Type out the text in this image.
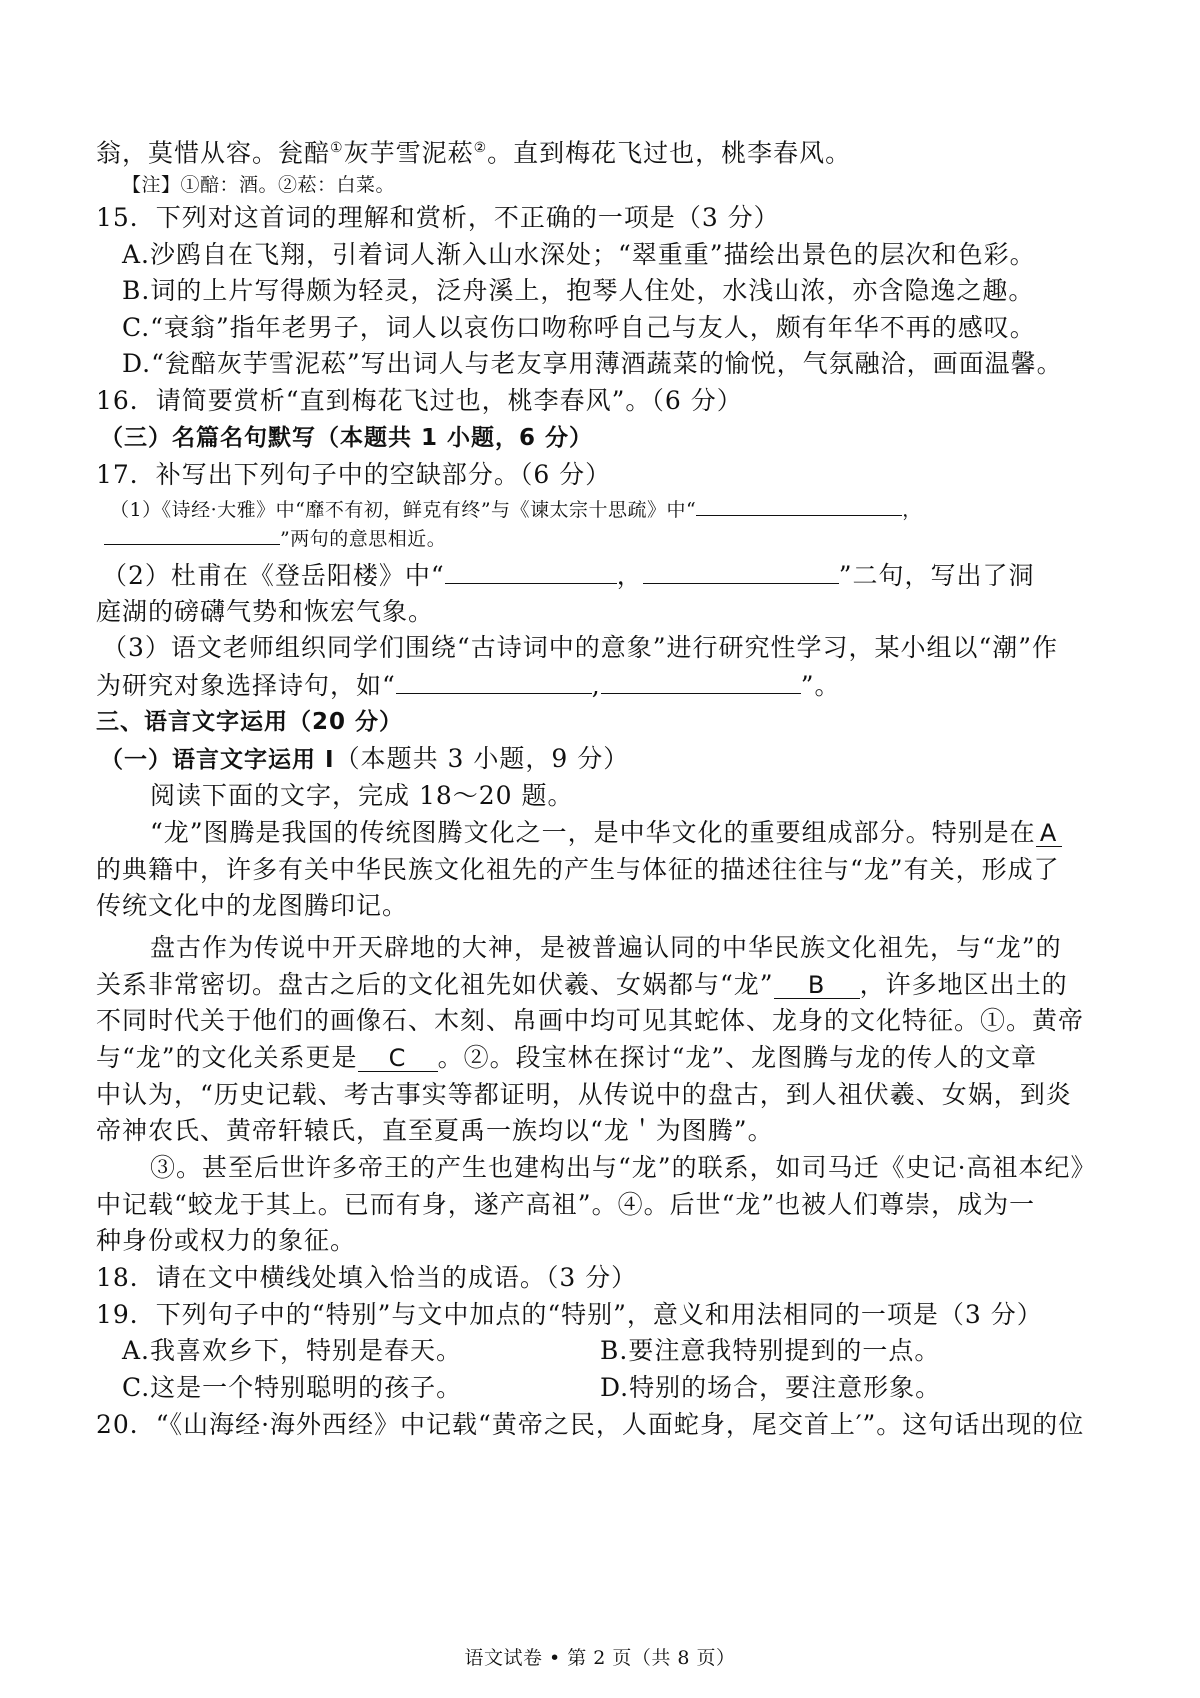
翁，莫惜从容。瓮醅①灰芋雪泥菘②。直到梅花飞过也，桃李春风。
【注】①醅：酒。②菘：白菜。
15．下列对这首词的理解和赏析，不正确的一项是（3 分）
A.沙鸥自在飞翔，引着词人渐入山水深处；“翠重重”描绘出景色的层次和色彩。
B.词的上片写得颇为轻灵，泛舟溪上，抱琴人住处，水浅山浓，亦含隐逸之趣。
C.“衰翁”指年老男子，词人以哀伤口吻称呼自己与友人，颇有年华不再的感叹。
D.“瓮醅灰芋雪泥菘”写出词人与老友享用薄酒蔬菜的愉悦，气氛融洽，画面温馨。
16．请简要赏析“直到梅花飞过也，桃李春风”。（6 分）
（三）名篇名句默写（本题共 1 小题，6 分）
17．补写出下列句子中的空缺部分。（6 分）
（1）《诗经·大雅》中“靡不有初，鲜克有终”与《谏太宗十思疏》中“	，
”两句的意思相近。
（2）杜甫在《登岳阳楼》中“	，	”二句，写出了洞
庭湖的磅礴气势和恢宏气象。
（3）语文老师组织同学们围绕“古诗词中的意象”进行研究性学习，某小组以“潮”作
为研究对象选择诗句，如“	,	”。
三、语言文字运用（20 分）
（一）语言文字运用 Ⅰ（本题共 3 小题，9 分）
阅读下面的文字，完成 18～20 题。
“龙”图腾是我国的传统图腾文化之一，是中华文化的重要组成部分。特别是在 A
的典籍中，许多有关中华民族文化祖先的产生与体征的描述往往与“龙”有关，形成了
传统文化中的龙图腾印记。
盘古作为传说中开天辟地的大神，是被普遍认同的中华民族文化祖先，与“龙”的
关系非常密切。盘古之后的文化祖先如伏羲、女娲都与“龙” B ，许多地区出土的
不同时代关于他们的画像石、木刻、帛画中均可见其蛇体、龙身的文化特征。①。黄帝
与“龙”的文化关系更是 C 。②。段宝林在探讨“龙”、龙图腾与龙的传人的文章
中认为，“历史记载、考古事实等都证明，从传说中的盘古，到人祖伏羲、女娲，到炎
帝神农氏、黄帝轩辕氏，直至夏禹一族均以“龙＇为图腾”。
③。甚至后世许多帝王的产生也建构出与“龙”的联系，如司马迁《史记·高祖本纪》
中记载“蛟龙于其上。已而有身，遂产高祖”。④。后世“龙”也被人们尊崇，成为一
种身份或权力的象征。
18．请在文中横线处填入恰当的成语。（3 分）
19．下列句子中的“特别”与文中加点的“特别”，意义和用法相同的一项是（3 分）
A.我喜欢乡下，特别是春天。	B.要注意我特别提到的一点。
C.这是一个特别聪明的孩子。	D.特别的场合，要注意形象。
20．“《山海经·海外西经》中记载“黄帝之民，人面蛇身，尾交首上′”。这句话出现的位
语文试卷 • 第 2 页（共 8 页）
